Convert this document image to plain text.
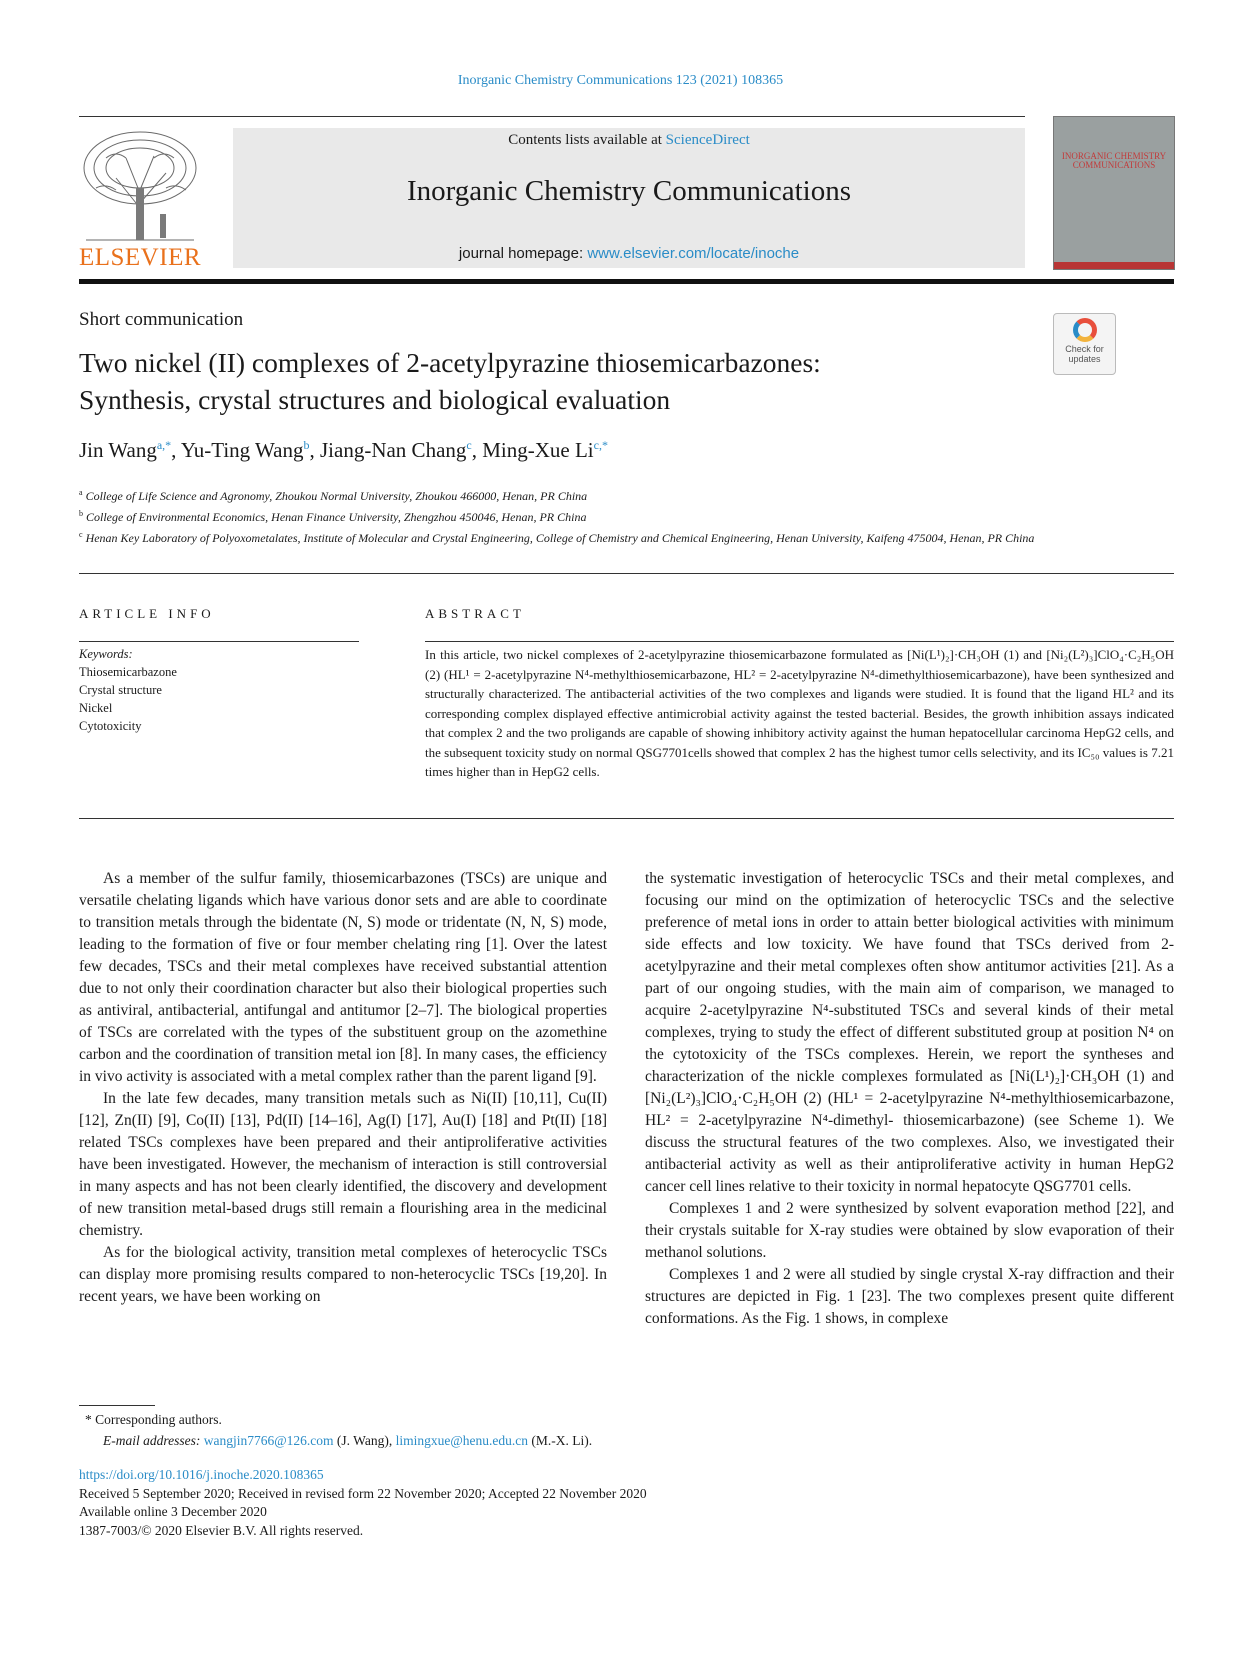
Inorganic Chemistry Communications 123 (2021) 108365
ELSEVIER
Contents lists available at ScienceDirect
Inorganic Chemistry Communications
journal homepage: www.elsevier.com/locate/inoche
INORGANIC CHEMISTRY COMMUNICATIONS
Short communication
Two nickel (II) complexes of 2-acetylpyrazine thiosemicarbazones:
Synthesis, crystal structures and biological evaluation
Check for updates
Jin Wang$^{a,*}$, Yu-Ting Wang$^b$, Jiang-Nan Chang$^c$, Ming-Xue $Li^{c,*}$
$^a$ College of Life Science and Agronomy, Zhoukou Normal University, Zhoukou 466000, Henan, PR China
$^b$ College of Environmental Economics, Henan Finance University, Zhengzhou 450046, Henan, PR China
$^c$ Henan Key Laboratory of Polyoxometalates, Institute of Molecular and Crystal Engineering, College of Chemistry and Chemical Engineering, Henan University, Kaifeng 475004, Henan, PR China
ARTICLE INFO	ABSTRACT
Keywords:
Thiosemicarbazone
Crystal structure
Nickel
Cytotoxicity
In this article, two nickel complexes of 2-acetylpyrazine thiosemicarbazone formulated as [Ni(L¹)₂]·CH₃OH (1) and [Ni₂(L²)₃]ClO₄·C₂H₅OH (2) (HL¹ = 2-acetylpyrazine N⁴-methylthiosemicarbazone, HL² = 2-acetylpyrazine N⁴-dimethylthiosemicarbazone), have been synthesized and structurally characterized. The antibacterial activities of the two complexes and ligands were studied. It is found that the ligand HL² and its corresponding complex displayed effective antimicrobial activity against the tested bacterial. Besides, the growth inhibition assays indicated that complex 2 and the two proligands are capable of showing inhibitory activity against the human hepatocellular carcinoma HepG2 cells, and the subsequent toxicity study on normal QSG7701cells showed that complex 2 has the highest tumor cells selectivity, and its IC₅₀ values is 7.21 times higher than in HepG2 cells.

As a member of the sulfur family, thiosemicarbazones (TSCs) are unique and versatile chelating ligands which have various donor sets and are able to coordinate to transition metals through the bidentate (N, S) mode or tridentate (N, N, S) mode, leading to the formation of five or four member chelating ring [1]. Over the latest few decades, TSCs and their metal complexes have received substantial attention due to not only their coordination character but also their biological properties such as antiviral, antibacterial, antifungal and antitumor [2–7]. The biological properties of TSCs are correlated with the types of the substituent group on the azomethine carbon and the coordination of transition metal ion [8]. In many cases, the efficiency in vivo activity is associated with a metal complex rather than the parent ligand [9].

In the late few decades, many transition metals such as Ni(II) [10,11], Cu(II) [12], Zn(II) [9], Co(II) [13], Pd(II) [14–16], Ag(I) [17], Au(I) [18] and Pt(II) [18] related TSCs complexes have been prepared and their antiproliferative activities have been investigated. However, the mechanism of interaction is still controversial in many aspects and has not been clearly identified, the discovery and development of new transition metal-based drugs still remain a flourishing area in the medicinal chemistry.

As for the biological activity, transition metal complexes of heterocyclic TSCs can display more promising results compared to non-heterocyclic TSCs [19,20]. In recent years, we have been working on

the systematic investigation of heterocyclic TSCs and their metal complexes, and focusing our mind on the optimization of heterocyclic TSCs and the selective preference of metal ions in order to attain better biological activities with minimum side effects and low toxicity. We have found that TSCs derived from 2-acetylpyrazine and their metal complexes often show antitumor activities [21]. As a part of our ongoing studies, with the main aim of comparison, we managed to acquire 2-acetylpyrazine N⁴-substituted TSCs and several kinds of their metal complexes, trying to study the effect of different substituted group at position N⁴ on the cytotoxicity of the TSCs complexes. Herein, we report the syntheses and characterization of the nickle complexes formulated as [Ni(L¹)₂]·CH₃OH (1) and [Ni₂(L²)₃]ClO₄·C₂H₅OH (2) (HL¹ = 2-acetylpyrazine N⁴-methylthiosemicarbazone, HL² = 2-acetylpyrazine N⁴-dimethyl- thiosemicarbazone) (see Scheme 1). We discuss the structural features of the two complexes. Also, we investigated their antibacterial activity as well as their antiproliferative activity in human HepG2 cancer cell lines relative to their toxicity in normal hepatocyte QSG7701 cells.

Complexes 1 and 2 were synthesized by solvent evaporation method [22], and their crystals suitable for X-ray studies were obtained by slow evaporation of their methanol solutions.

Complexes 1 and 2 were all studied by single crystal X-ray diffraction and their structures are depicted in Fig. 1 [23]. The two complexes present quite different conformations. As the Fig. 1 shows, in complexe

* Corresponding authors.
E-mail addresses: wangjin7766@126.com (J. Wang), limingxue@henu.edu.cn (M.-X. Li).
https://doi.org/10.1016/j.inoche.2020.108365
Received 5 September 2020; Received in revised form 22 November 2020; Accepted 22 November 2020
Available online 3 December 2020
1387-7003/© 2020 Elsevier B.V. All rights reserved.
